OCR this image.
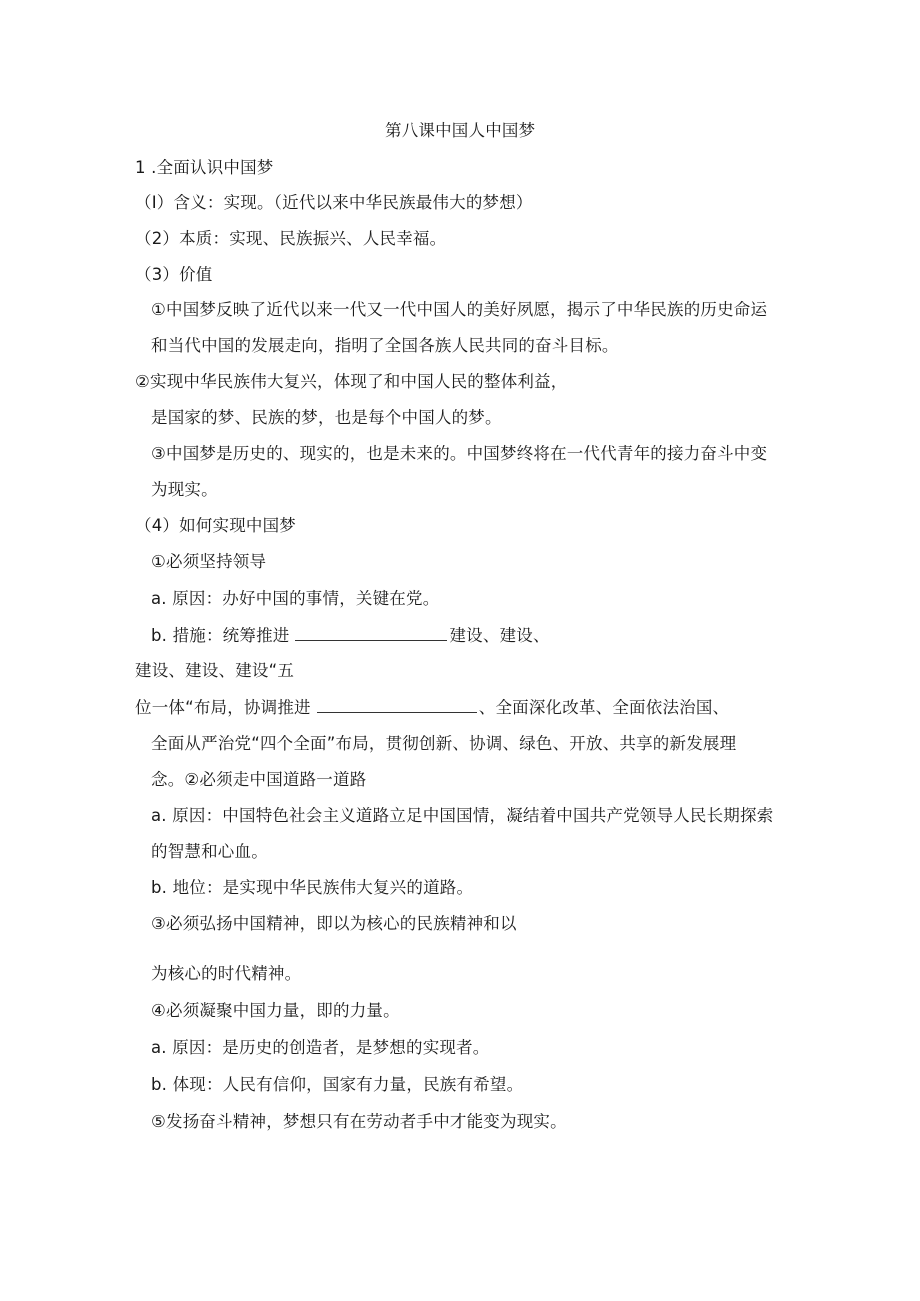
第八课中国人中国梦
1 .全面认识中国梦
（I）含义：实现。（近代以来中华民族最伟大的梦想）
（2）本质：实现、民族振兴、人民幸福。
（3）价值
①中国梦反映了近代以来一代又一代中国人的美好夙愿，揭示了中华民族的历史命运
和当代中国的发展走向，指明了全国各族人民共同的奋斗目标。
②实现中华民族伟大复兴，体现了和中国人民的整体利益，
是国家的梦、民族的梦，也是每个中国人的梦。
③中国梦是历史的、现实的，也是未来的。中国梦终将在一代代青年的接力奋斗中变
为现实。
（4）如何实现中国梦
①必须坚持领导
a. 原因：办好中国的事情，关键在党。
b. 措施：统筹推进	建设、建设、
建设、建设、建设“五
位一体“布局，协调推进	、全面深化改革、全面依法治国、
全面从严治党“四个全面”布局，贯彻创新、协调、绿色、开放、共享的新发展理
念。②必须走中国道路一道路
a. 原因：中国特色社会主义道路立足中国国情，凝结着中国共产党领导人民长期探索
的智慧和心血。
b. 地位：是实现中华民族伟大复兴的道路。
③必须弘扬中国精神，即以为核心的民族精神和以
为核心的时代精神。
④必须凝聚中国力量，即的力量。
a. 原因：是历史的创造者，是梦想的实现者。
b. 体现：人民有信仰，国家有力量，民族有希望。
⑤发扬奋斗精神，梦想只有在劳动者手中才能变为现实。
